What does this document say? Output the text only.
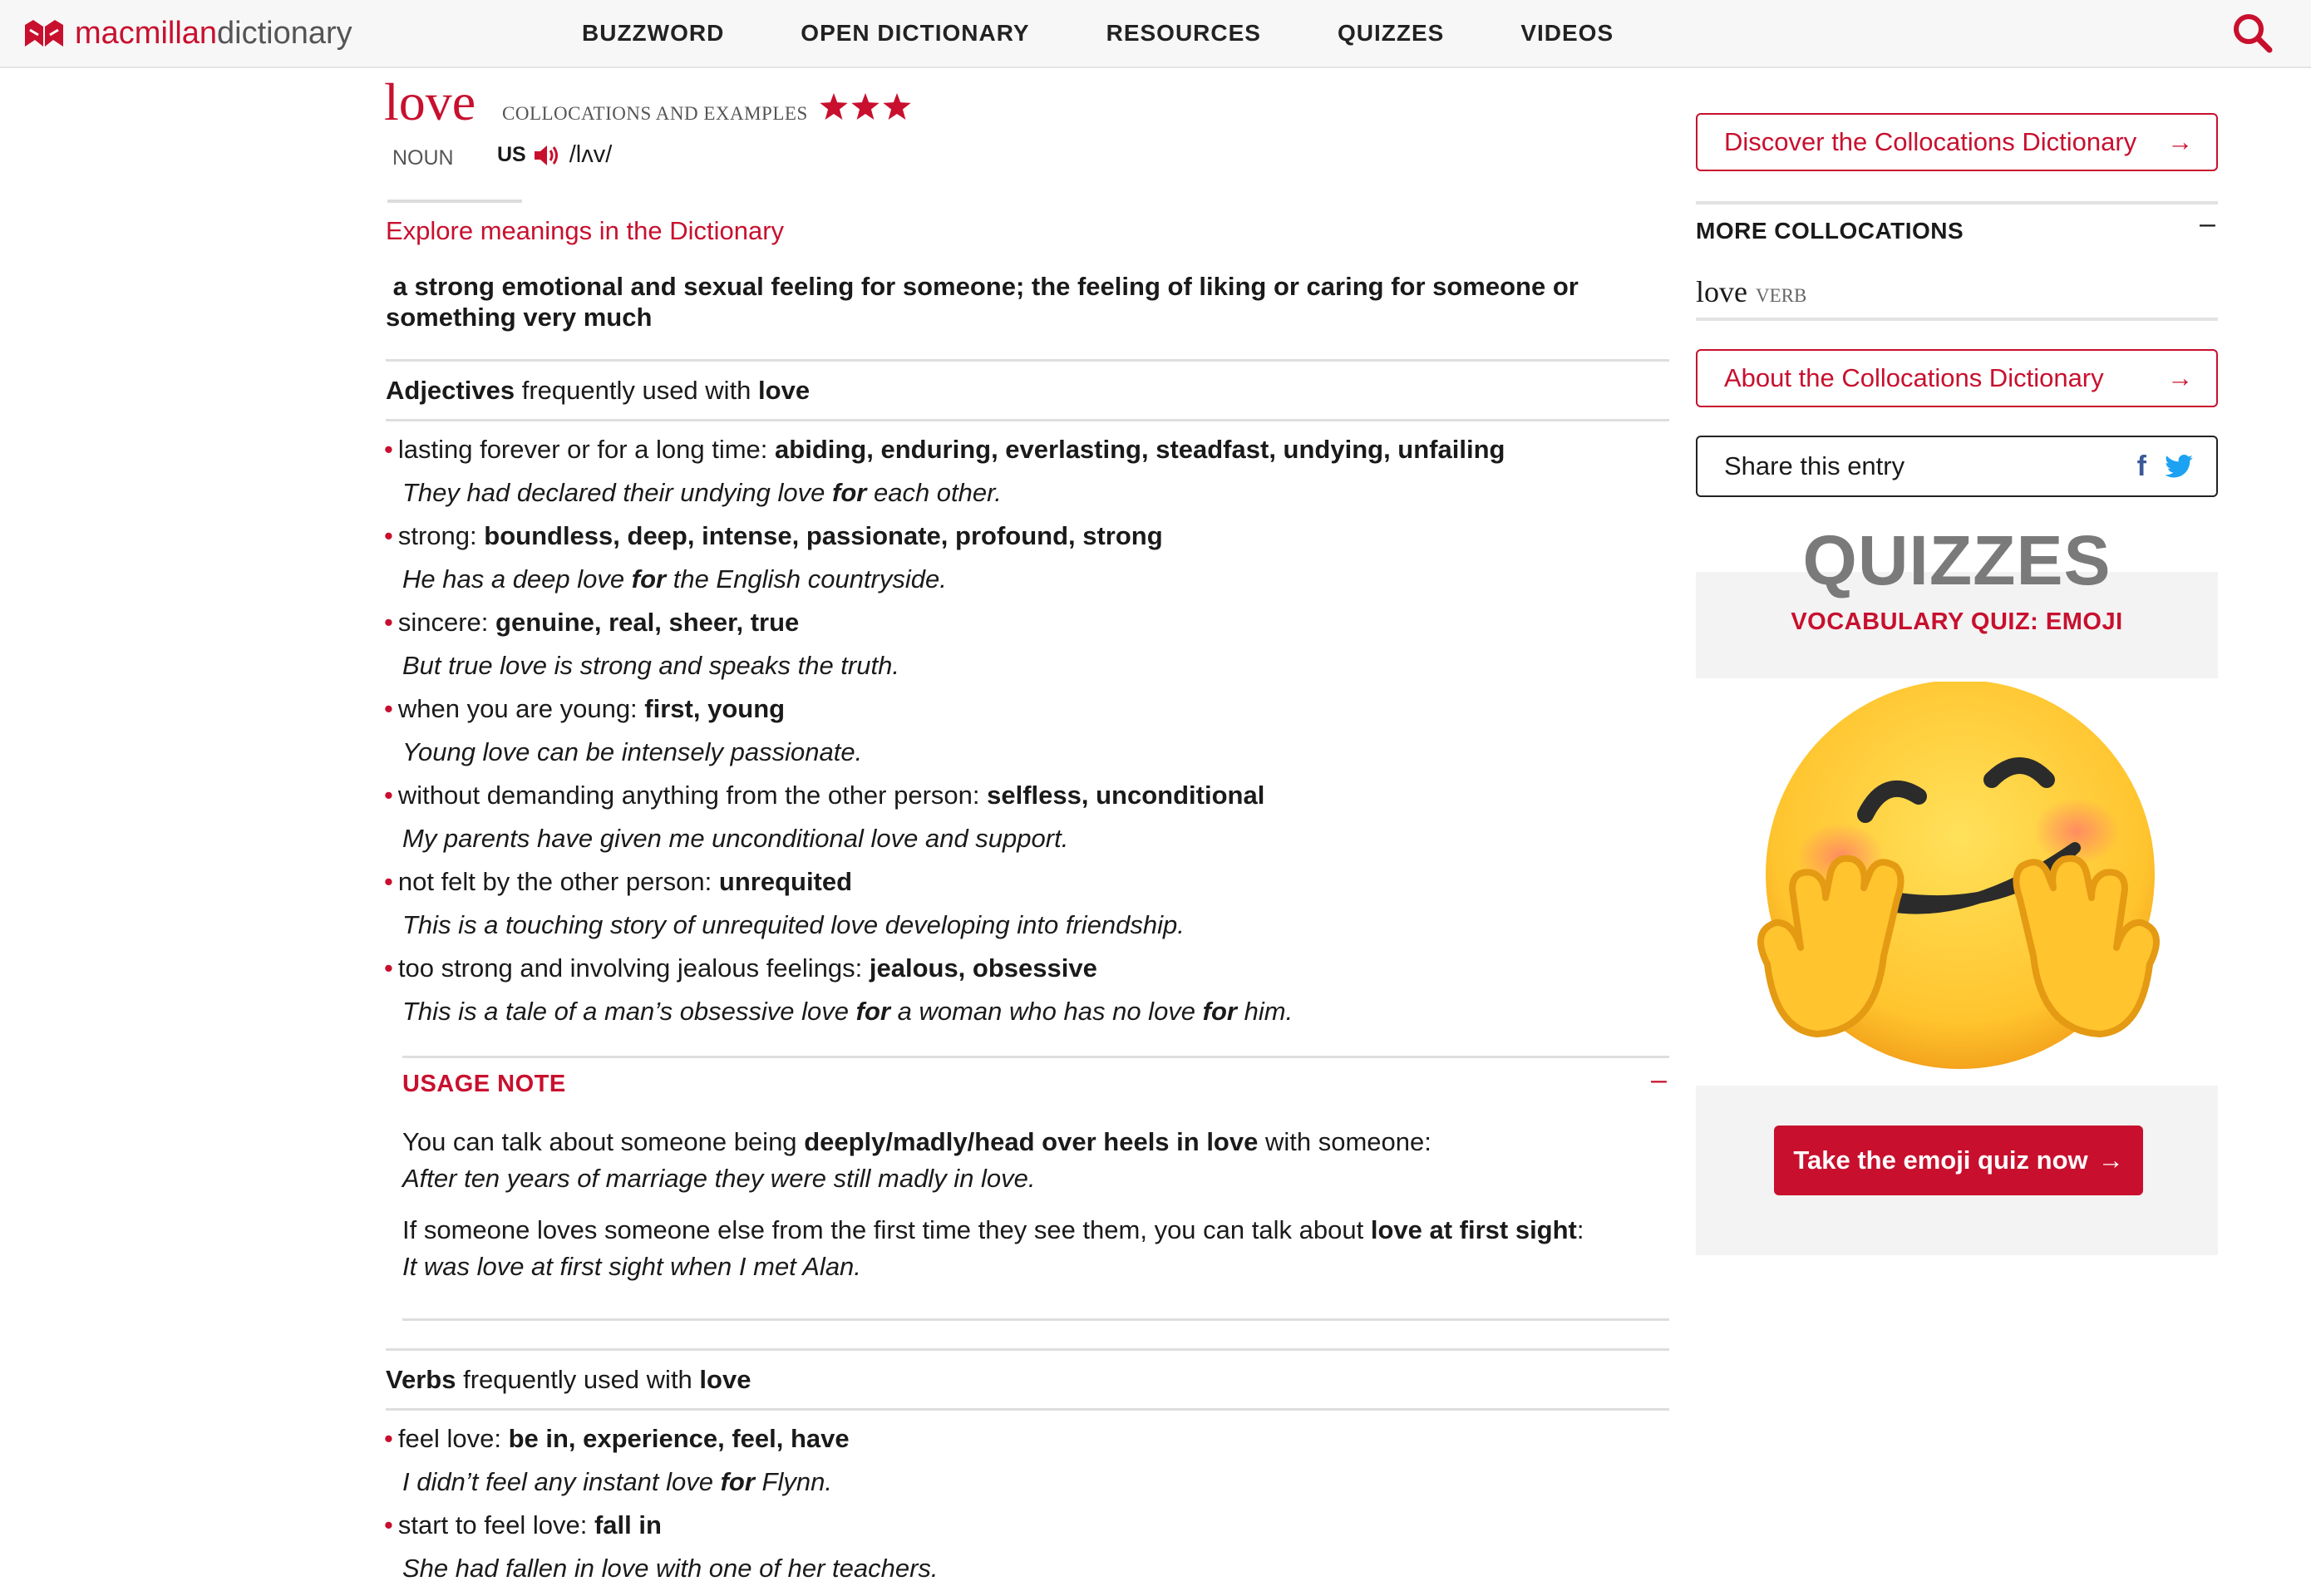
macmillandictionary	BUZZWORD	OPEN DICTIONARY	RESOURCES	QUIZZES	VIDEOS
love COLLOCATIONS AND EXAMPLES
NOUN US /lʌv/
Explore meanings in the Dictionary
a strong emotional and sexual feeling for someone; the feeling of liking or caring for someone or something very much
Adjectives frequently used with love
• lasting forever or for a long time: abiding, enduring, everlasting, steadfast, undying, unfailing
They had declared their undying love for each other.
• strong: boundless, deep, intense, passionate, profound, strong
He has a deep love for the English countryside.
• sincere: genuine, real, sheer, true
But true love is strong and speaks the truth.
• when you are young: first, young
Young love can be intensely passionate.
• without demanding anything from the other person: selfless, unconditional
My parents have given me unconditional love and support.
• not felt by the other person: unrequited
This is a touching story of unrequited love developing into friendship.
• too strong and involving jealous feelings: jealous, obsessive
This is a tale of a man’s obsessive love for a woman who has no love for him.
USAGE NOTE	–

You can talk about someone being deeply/madly/head over heels in love with someone:
After ten years of marriage they were still madly in love.

If someone loves someone else from the first time they see them, you can talk about love at first sight:
It was love at first sight when I met Alan.

Verbs frequently used with love
• feel love: be in, experience, feel, have
I didn’t feel any instant love for Flynn.
• start to feel love: fall in
She had fallen in love with one of her teachers.
Discover the Collocations Dictionary →
MORE COLLOCATIONS	–
love VERB
About the Collocations Dictionary →
Share this entry	f
QUIZZES
VOCABULARY QUIZ: EMOJI
Take the emoji quiz now →
